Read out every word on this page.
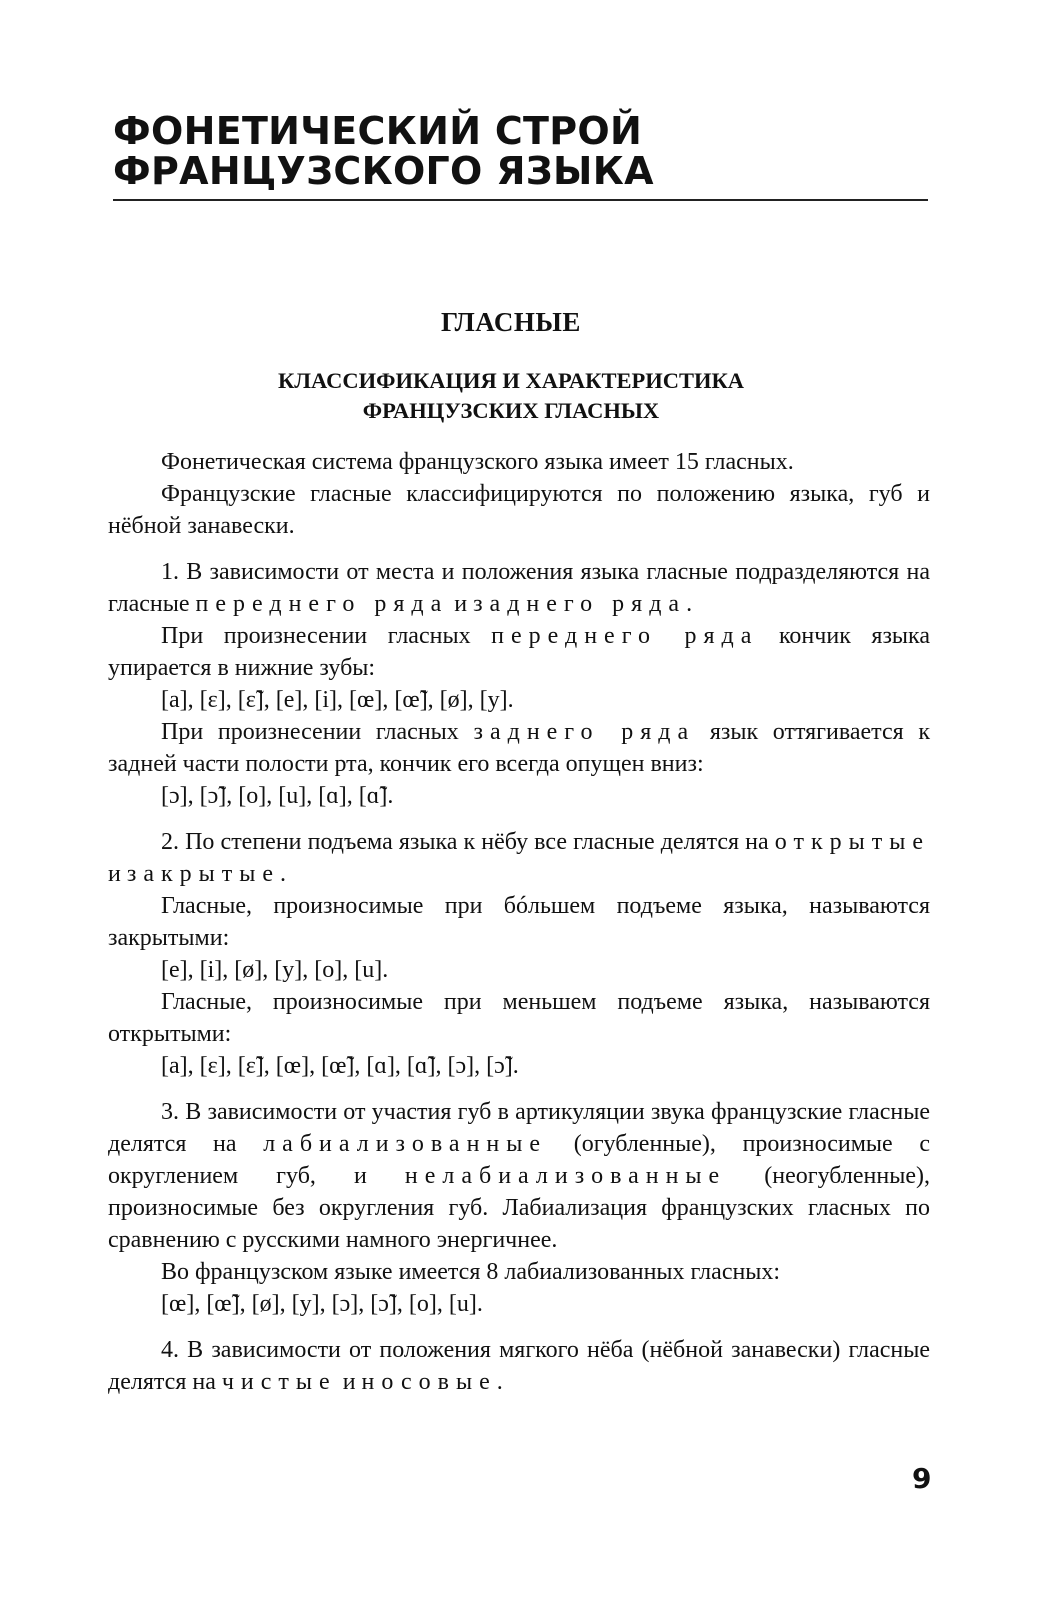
ФОНЕТИЧЕСКИЙ СТРОЙ ФРАНЦУЗСКОГО ЯЗЫКА
ГЛАСНЫЕ
КЛАССИФИКАЦИЯ И ХАРАКТЕРИСТИКА ФРАНЦУЗСКИХ ГЛАСНЫХ

Фонетическая система французского языка имеет 15 гласных.

Французские гласные классифицируются по положению языка, губ и нёбной занавески.

1. В зависимости от места и положения языка гласные подразделяются на гласные переднего ряда и заднего ряда.

При произнесении гласных переднего ряда кончик языка упирается в нижние зубы:

[a], [ɛ], [ɛ̃], [e], [i], [œ], [œ̃], [ø], [y].

При произнесении гласных заднего ряда язык оттягивается к задней части полости рта, кончик его всегда опущен вниз:

[ɔ], [ɔ̃], [o], [u], [ɑ], [ɑ̃].

2. По степени подъема языка к нёбу все гласные делятся на открытые и закрытые.

Гласные, произносимые при бóльшем подъеме языка, называются закрытыми:

[e], [i], [ø], [y], [o], [u].

Гласные, произносимые при меньшем подъеме языка, называются открытыми:

[a], [ɛ], [ɛ̃], [œ], [œ̃], [ɑ], [ɑ̃], [ɔ], [ɔ̃].

3. В зависимости от участия губ в артикуляции звука французские гласные делятся на лабиализованные (огубленные), произносимые с округлением губ, и нелабиализованные (неогубленные), произносимые без округления губ. Лабиализация французских гласных по сравнению с русскими намного энергичнее.

Во французском языке имеется 8 лабиализованных гласных:

[œ], [œ̃], [ø], [y], [ɔ], [ɔ̃], [o], [u].

4. В зависимости от положения мягкого нёба (нёбной занавески) гласные делятся на чистые и носовые.

9
